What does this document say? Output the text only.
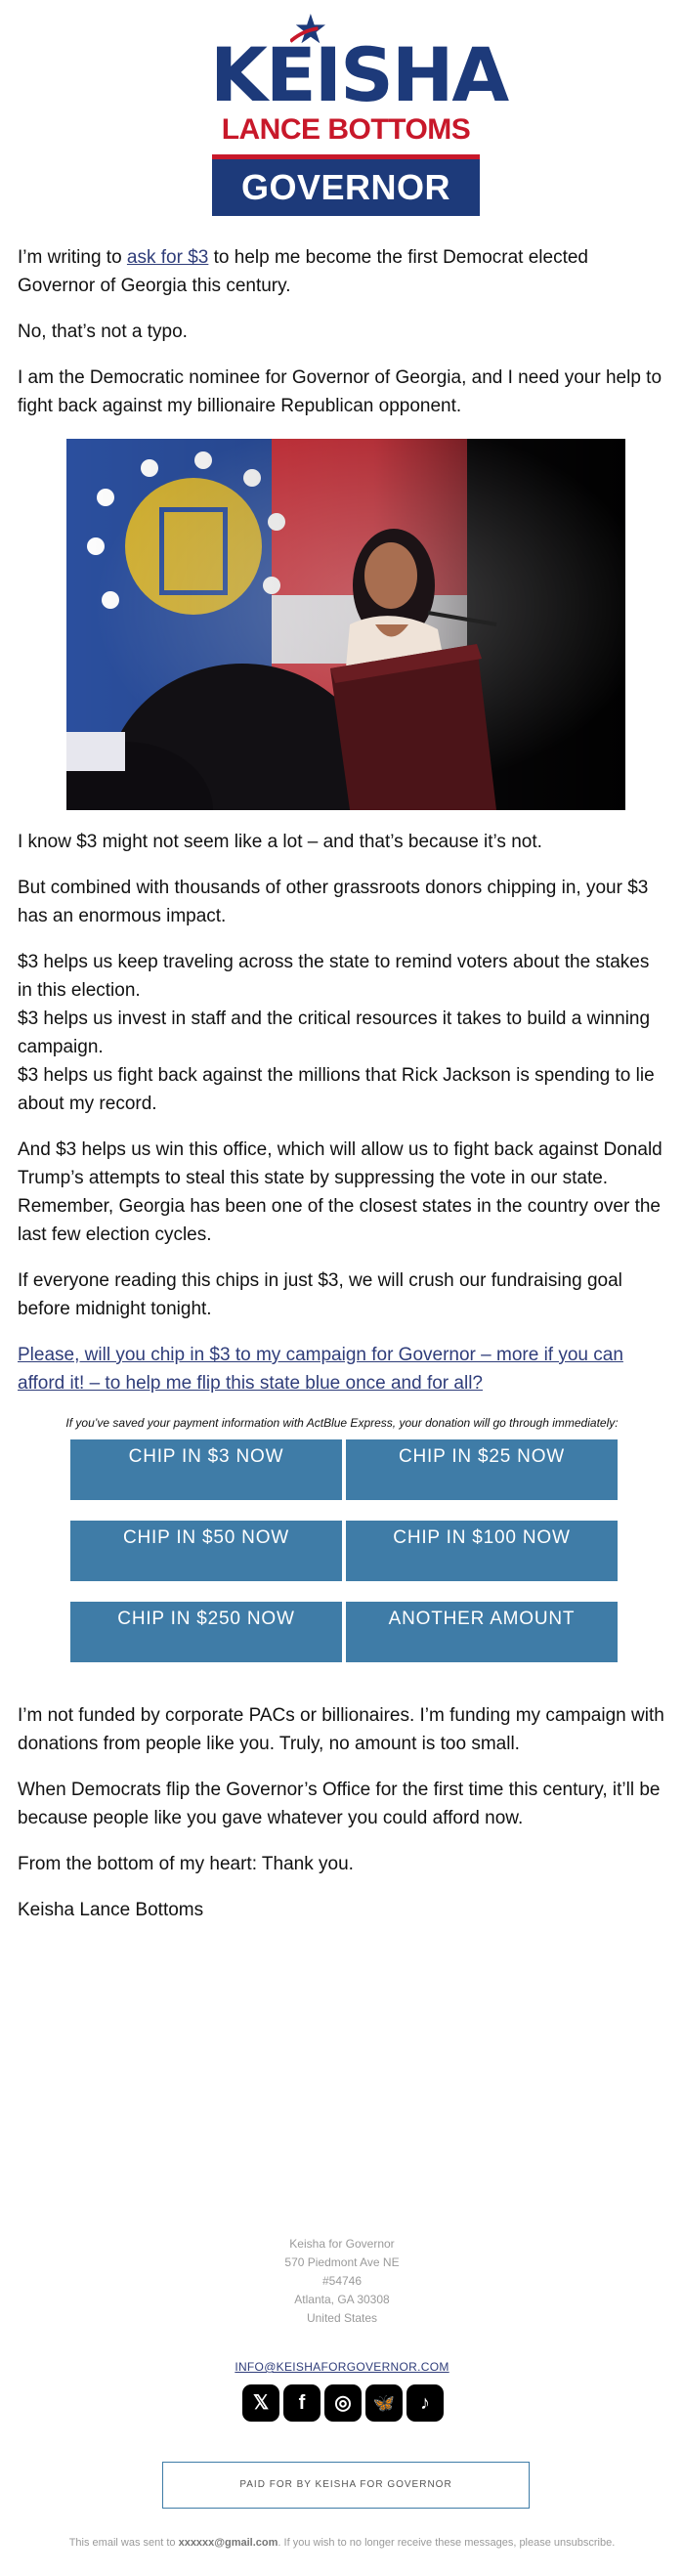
KEISHA
LANCE BOTTOMS
GOVERNOR

I’m writing to ask for $3 to help me become the first Democrat elected Governor of Georgia this century.

No, that’s not a typo.

I am the Democratic nominee for Governor of Georgia, and I need your help to fight back against my billionaire Republican opponent.

I know $3 might not seem like a lot – and that’s because it’s not.

But combined with thousands of other grassroots donors chipping in, your $3 has an enormous impact.

$3 helps us keep traveling across the state to remind voters about the stakes in this election.

$3 helps us invest in staff and the critical resources it takes to build a winning campaign.

$3 helps us fight back against the millions that Rick Jackson is spending to lie about my record.

And $3 helps us win this office, which will allow us to fight back against Donald Trump’s attempts to steal this state by suppressing the vote in our state. Remember, Georgia has been one of the closest states in the country over the last few election cycles.

If everyone reading this chips in just $3, we will crush our fundraising goal before midnight tonight.

Please, will you chip in $3 to my campaign for Governor – more if you can afford it! – to help me flip this state blue once and for all?

If you’ve saved your payment information with ActBlue Express, your donation will go through immediately:
CHIP IN $3 NOW	CHIP IN $25 NOW
CHIP IN $50 NOW	CHIP IN $100 NOW
CHIP IN $250 NOW	ANOTHER AMOUNT

I’m not funded by corporate PACs or billionaires. I’m funding my campaign with donations from people like you. Truly, no amount is too small.

When Democrats flip the Governor’s Office for the first time this century, it’ll be because people like you gave whatever you could afford now.

From the bottom of my heart: Thank you.

Keisha Lance Bottoms

Keisha for Governor
570 Piedmont Ave NE
#54746
Atlanta, GA 30308
United States
INFO@KEISHAFORGOVERNOR.COM
𝕏	f	◎	🦋	♪
PAID FOR BY KEISHA FOR GOVERNOR
This email was sent to xxxxxx@gmail.com. If you wish to no longer receive these messages, please unsubscribe.
